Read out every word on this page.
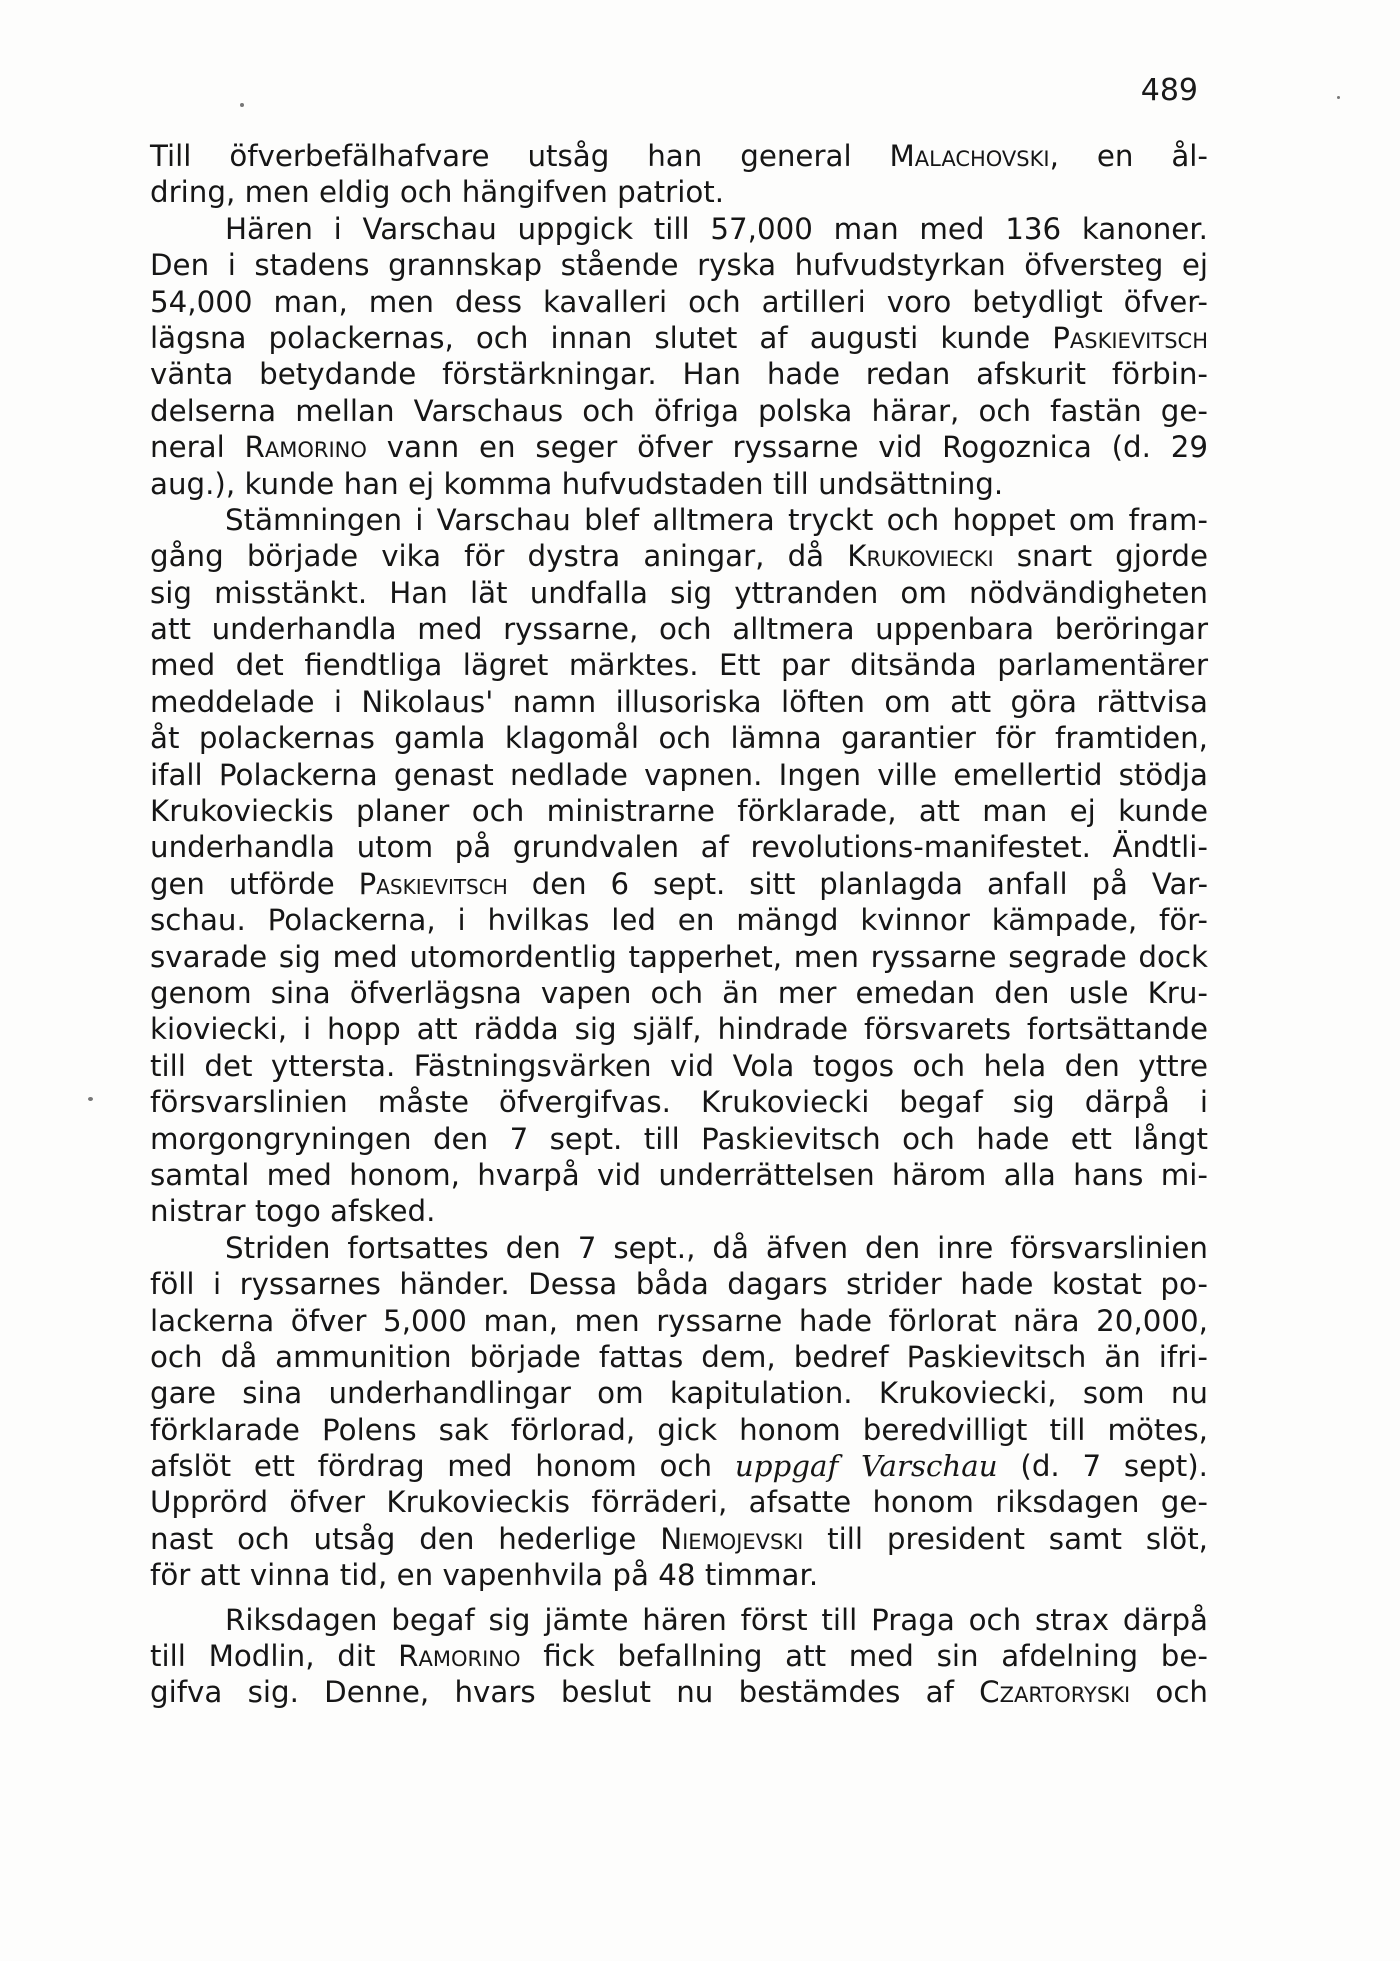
489
Till öfverbefälhafvare utsåg han general Malachovski, en ål-
dring, men eldig och hängifven patriot.
Hären i Varschau uppgick till 57,000 man med 136 kanoner.
Den i stadens grannskap stående ryska hufvudstyrkan öfversteg ej
54,000 man, men dess kavalleri och artilleri voro betydligt öfver-
lägsna polackernas, och innan slutet af augusti kunde Paskievitsch
vänta betydande förstärkningar. Han hade redan afskurit förbin-
delserna mellan Varschaus och öfriga polska härar, och fastän ge-
neral Ramorino vann en seger öfver ryssarne vid Rogoznica (d. 29
aug.), kunde han ej komma hufvudstaden till undsättning.
Stämningen i Varschau blef alltmera tryckt och hoppet om fram-
gång började vika för dystra aningar, då Krukoviecki snart gjorde
sig misstänkt. Han lät undfalla sig yttranden om nödvändigheten
att underhandla med ryssarne, och alltmera uppenbara beröringar
med det fiendtliga lägret märktes. Ett par ditsända parlamentärer
meddelade i Nikolaus' namn illusoriska löften om att göra rättvisa
åt polackernas gamla klagomål och lämna garantier för framtiden,
ifall Polackerna genast nedlade vapnen. Ingen ville emellertid stödja
Krukovieckis planer och ministrarne förklarade, att man ej kunde
underhandla utom på grundvalen af revolutions-manifestet. Ändtli-
gen utförde Paskievitsch den 6 sept. sitt planlagda anfall på Var-
schau. Polackerna, i hvilkas led en mängd kvinnor kämpade, för-
svarade sig med utomordentlig tapperhet, men ryssarne segrade dock
genom sina öfverlägsna vapen och än mer emedan den usle Kru-
kioviecki, i hopp att rädda sig själf, hindrade försvarets fortsättande
till det yttersta. Fästningsvärken vid Vola togos och hela den yttre
försvarslinien måste öfvergifvas. Krukoviecki begaf sig därpå i
morgongryningen den 7 sept. till Paskievitsch och hade ett långt
samtal med honom, hvarpå vid underrättelsen härom alla hans mi-
nistrar togo afsked.
Striden fortsattes den 7 sept., då äfven den inre försvarslinien
föll i ryssarnes händer. Dessa båda dagars strider hade kostat po-
lackerna öfver 5,000 man, men ryssarne hade förlorat nära 20,000,
och då ammunition började fattas dem, bedref Paskievitsch än ifri-
gare sina underhandlingar om kapitulation. Krukoviecki, som nu
förklarade Polens sak förlorad, gick honom beredvilligt till mötes,
afslöt ett fördrag med honom och uppgaf Varschau (d. 7 sept).
Upprörd öfver Krukovieckis förräderi, afsatte honom riksdagen ge-
nast och utsåg den hederlige Niemojevski till president samt slöt,
för att vinna tid, en vapenhvila på 48 timmar.
Riksdagen begaf sig jämte hären först till Praga och strax därpå
till Modlin, dit Ramorino fick befallning att med sin afdelning be-
gifva sig. Denne, hvars beslut nu bestämdes af Czartoryski och
